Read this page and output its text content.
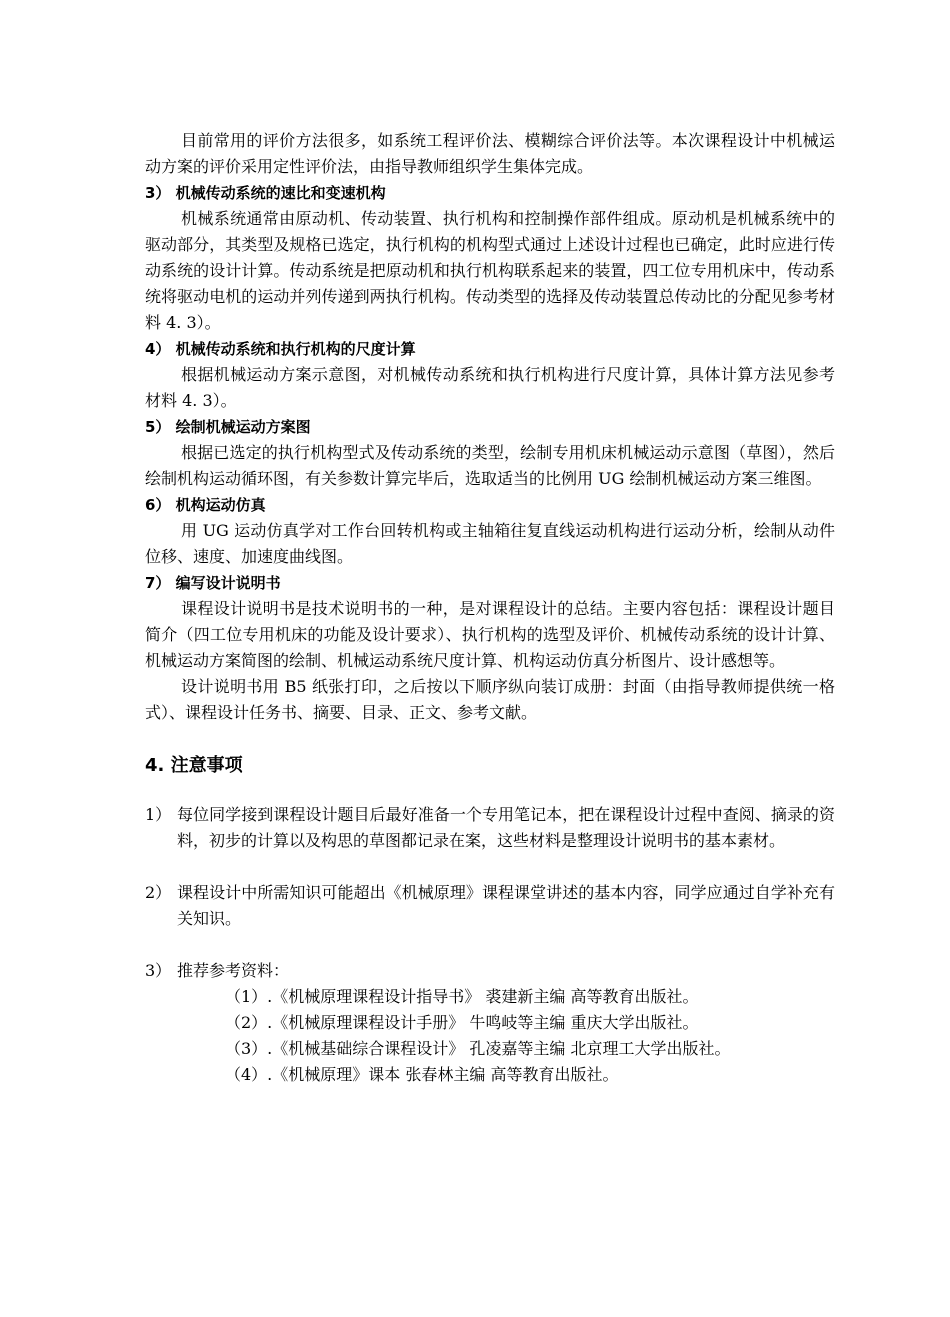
目前常用的评价方法很多，如系统工程评价法、模糊综合评价法等。本次课程设计中机械运动方案的评价采用定性评价法，由指导教师组织学生集体完成。

3） 机械传动系统的速比和变速机构

机械系统通常由原动机、传动装置、执行机构和控制操作部件组成。原动机是机械系统中的驱动部分，其类型及规格已选定，执行机构的机构型式通过上述设计过程也已确定，此时应进行传动系统的设计计算。传动系统是把原动机和执行机构联系起来的装置，四工位专用机床中，传动系统将驱动电机的运动并列传递到两执行机构。传动类型的选择及传动装置总传动比的分配见参考材料 4. 3）。

4） 机械传动系统和执行机构的尺度计算

根据机械运动方案示意图，对机械传动系统和执行机构进行尺度计算，具体计算方法见参考材料 4. 3）。

5） 绘制机械运动方案图

根据已选定的执行机构型式及传动系统的类型，绘制专用机床机械运动示意图（草图），然后绘制机构运动循环图，有关参数计算完毕后，选取适当的比例用 UG 绘制机械运动方案三维图。

6） 机构运动仿真

用 UG 运动仿真学对工作台回转机构或主轴箱往复直线运动机构进行运动分析，绘制从动件位移、速度、加速度曲线图。

7） 编写设计说明书

课程设计说明书是技术说明书的一种，是对课程设计的总结。主要内容包括：课程设计题目简介（四工位专用机床的功能及设计要求）、执行机构的选型及评价、机械传动系统的设计计算、机械运动方案简图的绘制、机械运动系统尺度计算、机构运动仿真分析图片、设计感想等。

设计说明书用 B5 纸张打印，之后按以下顺序纵向装订成册：封面（由指导教师提供统一格式）、课程设计任务书、摘要、目录、正文、参考文献。

4. 注意事项
1） 每位同学接到课程设计题目后最好准备一个专用笔记本，把在课程设计过程中查阅、摘录的资料，初步的计算以及构思的草图都记录在案，这些材料是整理设计说明书的基本素材。
2） 课程设计中所需知识可能超出《机械原理》课程课堂讲述的基本内容，同学应通过自学补充有关知识。
3） 推荐参考资料：

（1）.《机械原理课程设计指导书》 裘建新主编 高等教育出版社。

（2）.《机械原理课程设计手册》 牛鸣岐等主编 重庆大学出版社。

（3）.《机械基础综合课程设计》 孔凌嘉等主编 北京理工大学出版社。

（4）.《机械原理》课本 张春林主编 高等教育出版社。
